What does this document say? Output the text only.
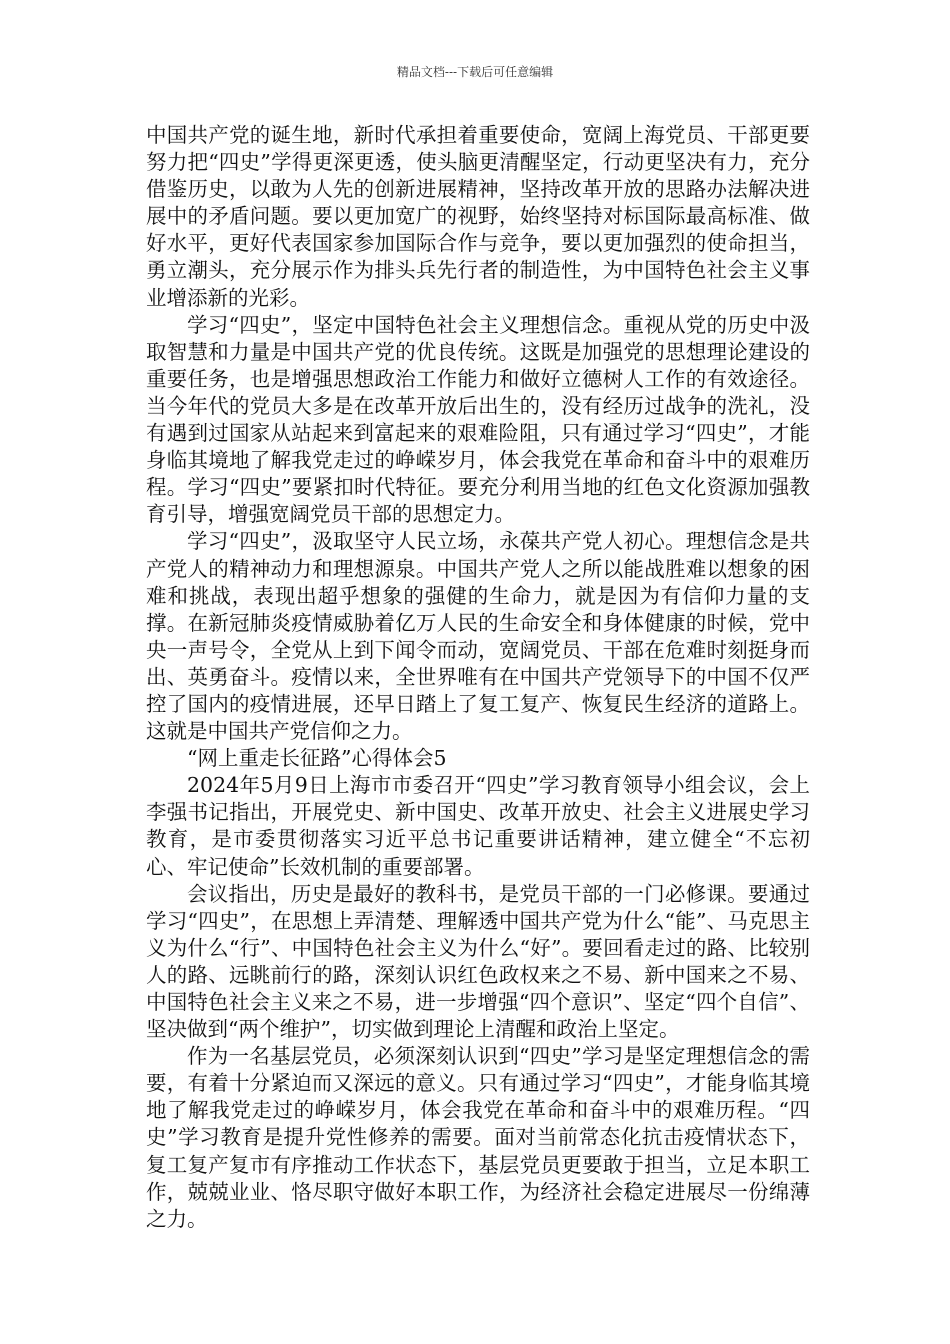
精品文档---下载后可任意编辑

中国共产党的诞生地，新时代承担着重要使命，宽阔上海党员、干部更要努力把“四史”学得更深更透，使头脑更清醒坚定，行动更坚决有力，充分借鉴历史，以敢为人先的创新进展精神，坚持改革开放的思路办法解决进展中的矛盾问题。要以更加宽广的视野，始终坚持对标国际最高标准、做好水平，更好代表国家参加国际合作与竞争，要以更加强烈的使命担当，勇立潮头，充分展示作为排头兵先行者的制造性，为中国特色社会主义事业增添新的光彩。

学习“四史”，坚定中国特色社会主义理想信念。重视从党的历史中汲取智慧和力量是中国共产党的优良传统。这既是加强党的思想理论建设的重要任务，也是增强思想政治工作能力和做好立德树人工作的有效途径。当今年代的党员大多是在改革开放后出生的，没有经历过战争的洗礼，没有遇到过国家从站起来到富起来的艰难险阻，只有通过学习“四史”，才能身临其境地了解我党走过的峥嵘岁月，体会我党在革命和奋斗中的艰难历程。学习“四史”要紧扣时代特征。要充分利用当地的红色文化资源加强教育引导，增强宽阔党员干部的思想定力。

学习“四史”，汲取坚守人民立场，永葆共产党人初心。理想信念是共产党人的精神动力和理想源泉。中国共产党人之所以能战胜难以想象的困难和挑战，表现出超乎想象的强健的生命力，就是因为有信仰力量的支撑。在新冠肺炎疫情威胁着亿万人民的生命安全和身体健康的时候，党中央一声号令，全党从上到下闻令而动，宽阔党员、干部在危难时刻挺身而出、英勇奋斗。疫情以来，全世界唯有在中国共产党领导下的中国不仅严控了国内的疫情进展，还早日踏上了复工复产、恢复民生经济的道路上。这就是中国共产党信仰之力。

“网上重走长征路”心得体会5

2024年5月9日上海市市委召开“四史”学习教育领导小组会议，会上李强书记指出，开展党史、新中国史、改革开放史、社会主义进展史学习教育，是市委贯彻落实习近平总书记重要讲话精神，建立健全“不忘初心、牢记使命”长效机制的重要部署。

会议指出，历史是最好的教科书，是党员干部的一门必修课。要通过学习“四史”，在思想上弄清楚、理解透中国共产党为什么“能”、马克思主义为什么“行”、中国特色社会主义为什么“好”。要回看走过的路、比较别人的路、远眺前行的路，深刻认识红色政权来之不易、新中国来之不易、中国特色社会主义来之不易，进一步增强“四个意识”、坚定“四个自信”、坚决做到“两个维护”，切实做到理论上清醒和政治上坚定。

作为一名基层党员，必须深刻认识到“四史”学习是坚定理想信念的需要，有着十分紧迫而又深远的意义。只有通过学习“四史”，才能身临其境地了解我党走过的峥嵘岁月，体会我党在革命和奋斗中的艰难历程。“四史”学习教育是提升党性修养的需要。面对当前常态化抗击疫情状态下，复工复产复市有序推动工作状态下，基层党员更要敢于担当，立足本职工作，兢兢业业、恪尽职守做好本职工作，为经济社会稳定进展尽一份绵薄之力。
